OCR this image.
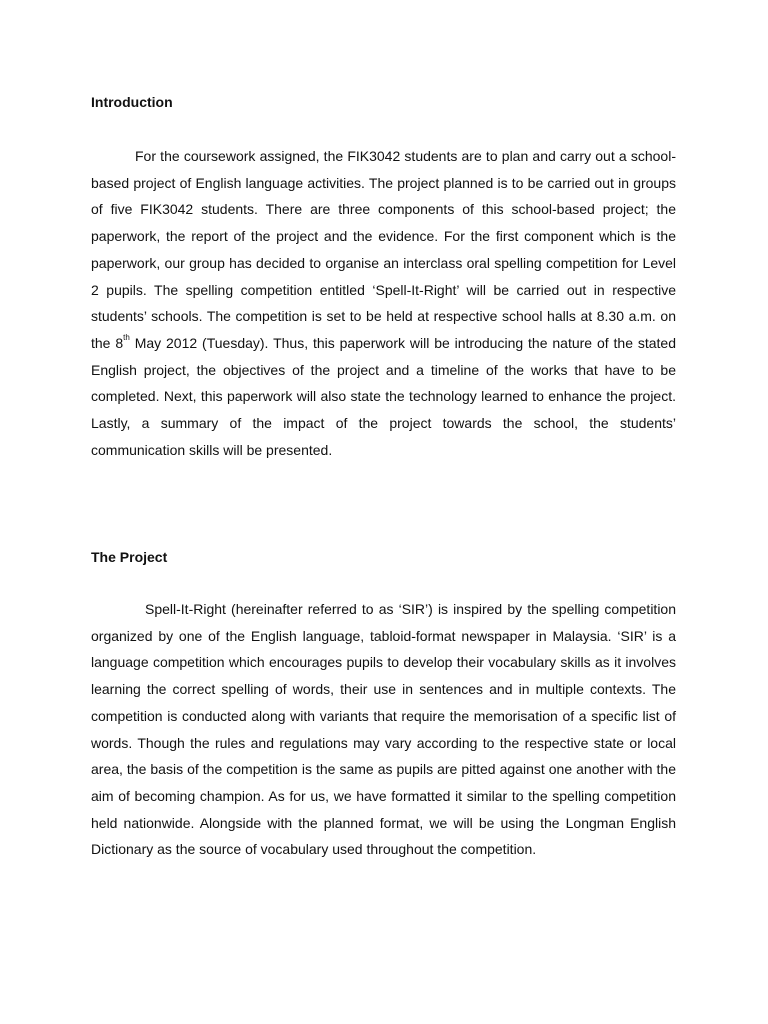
Introduction

For the coursework assigned, the FIK3042 students are to plan and carry out a school-based project of English language activities. The project planned is to be carried out in groups of five FIK3042 students. There are three components of this school-based project; the paperwork, the report of the project and the evidence. For the first component which is the paperwork, our group has decided to organise an interclass oral spelling competition for Level 2 pupils. The spelling competition entitled ‘Spell-It-Right’ will be carried out in respective students’ schools. The competition is set to be held at respective school halls at 8.30 a.m. on the 8th May 2012 (Tuesday). Thus, this paperwork will be introducing the nature of the stated English project, the objectives of the project and a timeline of the works that have to be completed. Next, this paperwork will also state the technology learned to enhance the project. Lastly, a summary of the impact of the project towards the school, the students’ communication skills will be presented.

The Project

Spell-It-Right (hereinafter referred to as ‘SIR’) is inspired by the spelling competition organized by one of the English language, tabloid-format newspaper in Malaysia. ‘SIR’ is a language competition which encourages pupils to develop their vocabulary skills as it involves learning the correct spelling of words, their use in sentences and in multiple contexts. The competition is conducted along with variants that require the memorisation of a specific list of words. Though the rules and regulations may vary according to the respective state or local area, the basis of the competition is the same as pupils are pitted against one another with the aim of becoming champion. As for us, we have formatted it similar to the spelling competition held nationwide. Alongside with the planned format, we will be using the Longman English Dictionary as the source of vocabulary used throughout the competition.
